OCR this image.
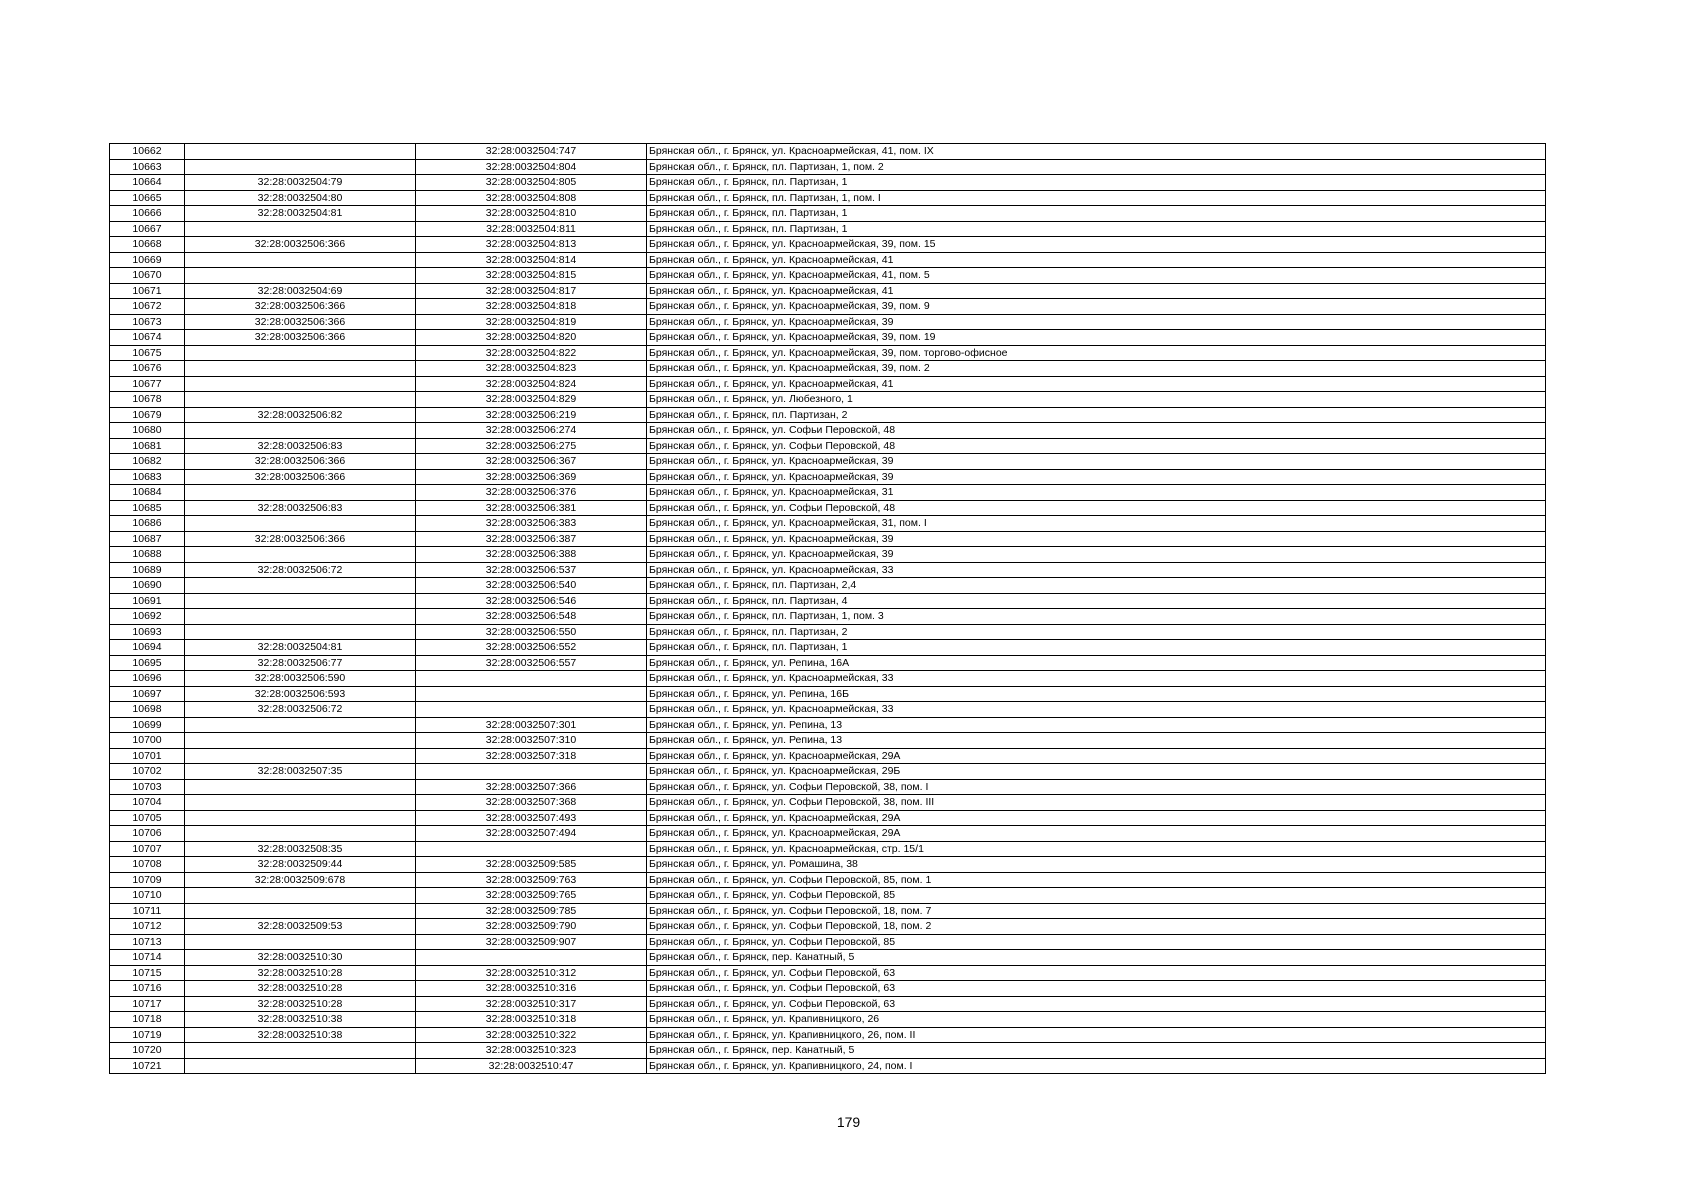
10662		32:28:0032504:747	Брянская обл., г. Брянск, ул. Красноармейская, 41, пом. IX
10663		32:28:0032504:804	Брянская обл., г. Брянск, пл. Партизан, 1, пом. 2
10664	32:28:0032504:79	32:28:0032504:805	Брянская обл., г. Брянск, пл. Партизан, 1
10665	32:28:0032504:80	32:28:0032504:808	Брянская обл., г. Брянск, пл. Партизан, 1, пом. I
10666	32:28:0032504:81	32:28:0032504:810	Брянская обл., г. Брянск, пл. Партизан, 1
10667		32:28:0032504:811	Брянская обл., г. Брянск, пл. Партизан, 1
10668	32:28:0032506:366	32:28:0032504:813	Брянская обл., г. Брянск, ул. Красноармейская, 39, пом. 15
10669		32:28:0032504:814	Брянская обл., г. Брянск, ул. Красноармейская, 41
10670		32:28:0032504:815	Брянская обл., г. Брянск, ул. Красноармейская, 41, пом. 5
10671	32:28:0032504:69	32:28:0032504:817	Брянская обл., г. Брянск, ул. Красноармейская, 41
10672	32:28:0032506:366	32:28:0032504:818	Брянская обл., г. Брянск, ул. Красноармейская, 39, пом. 9
10673	32:28:0032506:366	32:28:0032504:819	Брянская обл., г. Брянск, ул. Красноармейская, 39
10674	32:28:0032506:366	32:28:0032504:820	Брянская обл., г. Брянск, ул. Красноармейская, 39, пом. 19
10675		32:28:0032504:822	Брянская обл., г. Брянск, ул. Красноармейская, 39, пом. торгово-офисное
10676		32:28:0032504:823	Брянская обл., г. Брянск, ул. Красноармейская, 39, пом. 2
10677		32:28:0032504:824	Брянская обл., г. Брянск, ул. Красноармейская, 41
10678		32:28:0032504:829	Брянская обл., г. Брянск, ул. Любезного, 1
10679	32:28:0032506:82	32:28:0032506:219	Брянская обл., г. Брянск, пл. Партизан, 2
10680		32:28:0032506:274	Брянская обл., г. Брянск, ул. Софьи Перовской, 48
10681	32:28:0032506:83	32:28:0032506:275	Брянская обл., г. Брянск, ул. Софьи Перовской, 48
10682	32:28:0032506:366	32:28:0032506:367	Брянская обл., г. Брянск, ул. Красноармейская, 39
10683	32:28:0032506:366	32:28:0032506:369	Брянская обл., г. Брянск, ул. Красноармейская, 39
10684		32:28:0032506:376	Брянская обл., г. Брянск, ул. Красноармейская, 31
10685	32:28:0032506:83	32:28:0032506:381	Брянская обл., г. Брянск, ул. Софьи Перовской, 48
10686		32:28:0032506:383	Брянская обл., г. Брянск, ул. Красноармейская, 31, пом. I
10687	32:28:0032506:366	32:28:0032506:387	Брянская обл., г. Брянск, ул. Красноармейская, 39
10688		32:28:0032506:388	Брянская обл., г. Брянск, ул. Красноармейская, 39
10689	32:28:0032506:72	32:28:0032506:537	Брянская обл., г. Брянск, ул. Красноармейская, 33
10690		32:28:0032506:540	Брянская обл., г. Брянск, пл. Партизан, 2,4
10691		32:28:0032506:546	Брянская обл., г. Брянск, пл. Партизан, 4
10692		32:28:0032506:548	Брянская обл., г. Брянск, пл. Партизан, 1, пом. 3
10693		32:28:0032506:550	Брянская обл., г. Брянск, пл. Партизан, 2
10694	32:28:0032504:81	32:28:0032506:552	Брянская обл., г. Брянск, пл. Партизан, 1
10695	32:28:0032506:77	32:28:0032506:557	Брянская обл., г. Брянск, ул. Репина, 16А
10696	32:28:0032506:590		Брянская обл., г. Брянск, ул. Красноармейская, 33
10697	32:28:0032506:593		Брянская обл., г. Брянск, ул. Репина, 16Б
10698	32:28:0032506:72		Брянская обл., г. Брянск, ул. Красноармейская, 33
10699		32:28:0032507:301	Брянская обл., г. Брянск, ул. Репина, 13
10700		32:28:0032507:310	Брянская обл., г. Брянск, ул. Репина, 13
10701		32:28:0032507:318	Брянская обл., г. Брянск, ул. Красноармейская, 29А
10702	32:28:0032507:35		Брянская обл., г. Брянск, ул. Красноармейская, 29Б
10703		32:28:0032507:366	Брянская обл., г. Брянск, ул. Софьи Перовской, 38, пом. I
10704		32:28:0032507:368	Брянская обл., г. Брянск, ул. Софьи Перовской, 38, пом. III
10705		32:28:0032507:493	Брянская обл., г. Брянск, ул. Красноармейская, 29А
10706		32:28:0032507:494	Брянская обл., г. Брянск, ул. Красноармейская, 29А
10707	32:28:0032508:35		Брянская обл., г. Брянск, ул. Красноармейская, стр. 15/1
10708	32:28:0032509:44	32:28:0032509:585	Брянская обл., г. Брянск, ул. Ромашина, 38
10709	32:28:0032509:678	32:28:0032509:763	Брянская обл., г. Брянск, ул. Софьи Перовской, 85, пом. 1
10710		32:28:0032509:765	Брянская обл., г. Брянск, ул. Софьи Перовской, 85
10711		32:28:0032509:785	Брянская обл., г. Брянск, ул. Софьи Перовской, 18, пом. 7
10712	32:28:0032509:53	32:28:0032509:790	Брянская обл., г. Брянск, ул. Софьи Перовской, 18, пом. 2
10713		32:28:0032509:907	Брянская обл., г. Брянск, ул. Софьи Перовской, 85
10714	32:28:0032510:30		Брянская обл., г. Брянск, пер. Канатный, 5
10715	32:28:0032510:28	32:28:0032510:312	Брянская обл., г. Брянск, ул. Софьи Перовской, 63
10716	32:28:0032510:28	32:28:0032510:316	Брянская обл., г. Брянск, ул. Софьи Перовской, 63
10717	32:28:0032510:28	32:28:0032510:317	Брянская обл., г. Брянск, ул. Софьи Перовской, 63
10718	32:28:0032510:38	32:28:0032510:318	Брянская обл., г. Брянск, ул. Крапивницкого, 26
10719	32:28:0032510:38	32:28:0032510:322	Брянская обл., г. Брянск, ул. Крапивницкого, 26, пом. II
10720		32:28:0032510:323	Брянская обл., г. Брянск, пер. Канатный, 5
10721		32:28:0032510:47	Брянская обл., г. Брянск, ул. Крапивницкого, 24, пом. I
179
